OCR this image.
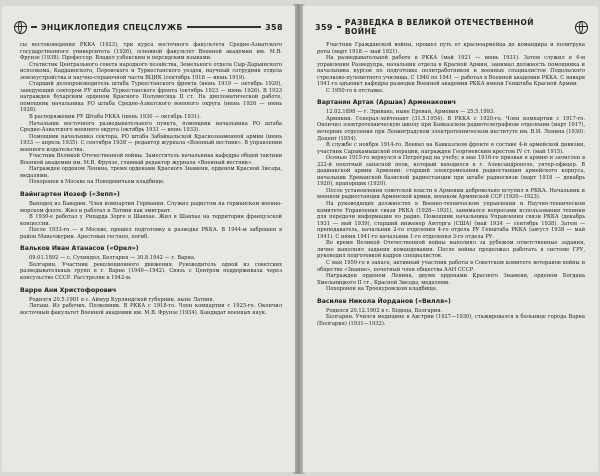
ЭНЦИКЛОПЕДИЯ СПЕЦСЛУЖБ	358

сы востоковедения РККА (1923), три курса восточного факультета Средне-Азиатского государственного университета (1926), основной факультет Военной академии им. М.В. Фрунзе (1938). Профессор. Владел узбекским и персидским языками.

Статистик Центрального совета народного хозяйства, Земельного отдела Сыр-Дарьинского исполкома, Каддаинского, Перовского и Туркестанского уездов, научный сотрудник отдела землеустройства и научно-справочной части ВЦИК (сентябрь 1918 — июнь 1919).

Старший делопроизводитель штаба Туркестанского фронта (июнь 1919 — октябрь 1920), заведующий сектором РУ штаба Туркестанского фронта (октябрь 1923 — июнь 1926). В 1923 награжден бухарским орденом Красного Полумесяца II ст. На дипломатической работе, помощник начальника РО штаба Средне-Азиатского военного округа (июнь 1926 — июнь 1928).

В распоряжении РУ Штаба РККА (июнь 1930 — октябрь 1931).

Начальник восточного разведывательного пункта, помощник начальника РО штаба Средне-Азиатского военного округа (октябрь 1931 — июнь 1933).

Помощник начальника сектора, РО штаба Забайкальской Краснознаменной армии (июнь 1933 — апрель 1935). С сентября 1938 — редактор журнала «Военный вестник». В управлении военного издательства.

Участник Великой Отечественной войны. Заместитель начальника кафедры общей тактики Военной академии им. М.В. Фрунзе, главный редактор журнала «Военный вестник».

Награжден орденом Ленина, тремя орденами Красного Знамени, орденом Красной Звезды, медалями.

Похоронен в Москве на Новодевичьем кладбище.

Вайнгартен Иозеф («Зепп»)

Выходец из Баварии. Член компартии Германии. Служил радистом на германском военно-морском флоте. Жил и работал в Латвии как эмигрант.

В 1930-е работал у Рихарда Зорге в Шанхае. Жил в Шанхае на территории французской концессии.

После 1933-го — в Москве, прошел подготовку к разведке РККА. В 1944-м заброшен в район Маньчжурии. Арестован гестапо, погиб.

Вальков Иван Атанасов («Орел»)

09.01.1892 — с. Сухиндол, Болгария — 30.8.1942 — г. Варна.

Болгарин. Участник революционного движения. Руководитель одной из советских разведывательных групп в г. Варне (1940—1942). Связь с Центром поддерживала через консульство СССР. Расстрелян в 1942-м.

Варре Ани Христофорович

Родился 20.5.1901 в с. Аймур Курляндской губернии, ныне Латвия.

Латыш. Из рабочих. Полковник. В РККА с 1918-го. Член компартии с 1925-го. Окончил восточный факультет Военной академии им. М.В. Фрунзе (1934). Кандидат военных наук.

359 РАЗВЕДКА В ВЕЛИКОЙ ОТЕЧЕСТВЕННОЙ ВОЙНЕ

Участник Гражданской войны, прошел путь от красноармейца до командира и политрука роты (март 1918 — май 1921).

На разведывательной работе в РККА (май 1921 — июнь 1931). Затем служил в 4-м управлении Разведупра, начальник отдела в Красной Армии, занимал должность помощника и начальника курсов по подготовке политработников и военных специалистов Подольского стрелково-пулеметного училища. С 1940 по 1941 — работал в Военной академии РККА. С января 1941-го адъюнкт кафедры разведки Военной академии РККА имени Генштаба Красной Армии.

С 1950-го в отставке.

Вартанян Артак (Аршак) Арменакович

12.02.1898 — г. Эривань, ныне Ереван, Армения — 25.5.1993.

Армянин. Генерал-лейтенант (31.5.1954). В РККА с 1920-го. Член компартии с 1917-го. Окончил электротехническую школу при Кавказском радиотелеграфном отделении (март 1917), вечерние отделения при Ленинградском электротехническом институте им. В.И. Ленина (1930). Доцент (1954).

В службе с ноября 1914-го. Воевал на Кавказском фронте в составе 4-й армейской дивизии, участник Сарыкамышской операции, награжден Георгиевским крестом IV ст. (май 1915).

Осенью 1915-го вернулся в Петроград на учебу; в мае 1916-го призван в армию и зачислен в 222-й пехотный запасной полк, который находился в г. Александрополе, унтер-офицер. В дашнакской армии Армении: старший электромеханик радиостанции армейского корпуса, начальник Ереванской базисной радиостанции при штабе радиосвязи (март 1918 — декабрь 1920), прапорщик (1920).

После установления советской власти в Армении добровольно вступил в РККА. Начальник и военком радиостанции Армянской армии, военком Армянской ССР (1920—1923).

На руководящих должностях в Военно-техническом управлении и Научно-техническом комитете Управления связи РККА (1928—1931), занимался вопросами использования техники для передачи информации по радио. Помощник начальника Управления связи РККА (декабрь 1931 — май 1939), старший инженер Амторга (США) (май 1934 — сентябрь 1938). Затем — преподаватель, начальник 2-го отделения 4-го отдела РУ Генштаба РККА (август 1938 — май 1941). С июня 1941-го начальник 1-го отделения 3-го отдела РУ.

Во время Великой Отечественной войны выполнял за рубежом ответственные задания, лично выполнял задания командования. После войны продолжал работать в системе ГРУ, руководил подготовкой кадров специалистов.

С мая 1959-го в запасе, активный участник работы в Советском комитете ветеранов войны и обществе «Знание», почетный член общества ААН СССР.

Награжден орденом Ленина, двумя орденами Красного Знамени, орденом Богдана Хмельницкого II ст., Красной Звезды, медалями.

Похоронен на Троекуровском кладбище.

Василев Никола Йорданов («Вилля»)

Родился 20.12.1902 в с. Бодеца, Болгария.

Болгарин. Учился медицине в Австрии (1927—1930), стажировался в больнице города Варна (Болгария) (1931—1932).
